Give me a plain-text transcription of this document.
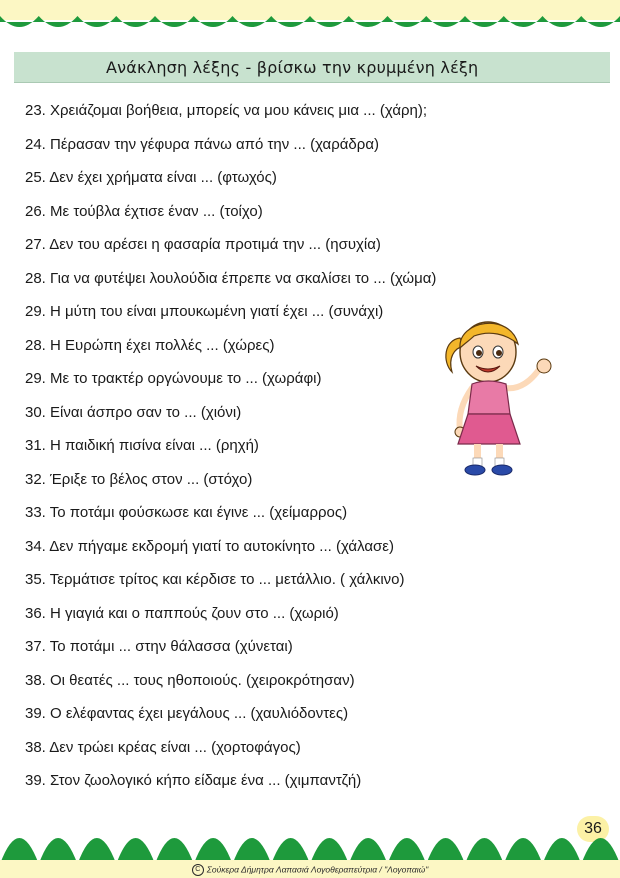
Ανάκληση λέξης - βρίσκω την κρυμμένη λέξη
23. Χρειάζομαι βοήθεια, μπορείς να μου κάνεις μια ... (χάρη);
24. Πέρασαν την γέφυρα πάνω από την ... (χαράδρα)
25. Δεν έχει χρήματα είναι ... (φτωχός)
26. Με τούβλα έχτισε έναν ... (τοίχο)
27. Δεν του αρέσει η φασαρία προτιμά την ... (ησυχία)
28. Για να φυτέψει λουλούδια έπρεπε να σκαλίσει το ... (χώμα)
29. Η μύτη του είναι μπουκωμένη γιατί έχει ... (συνάχι)
28. Η Ευρώπη έχει πολλές ... (χώρες)
29. Με το τρακτέρ οργώνουμε το ... (χωράφι)
30. Είναι άσπρο σαν το ... (χιόνι)
31. Η παιδική πισίνα είναι ... (ρηχή)
32. Έριξε το βέλος στον ... (στόχο)
33. Το ποτάμι φούσκωσε και έγινε ... (χείμαρρος)
34. Δεν πήγαμε εκδρομή γιατί το αυτοκίνητο ... (χάλασε)
35. Τερμάτισε τρίτος και κέρδισε το ... μετάλλιο. ( χάλκινο)
36. Η γιαγιά και ο παππούς ζουν στο ... (χωριό)
37. Το ποτάμι ... στην θάλασσα (χύνεται)
38. Οι θεατές ... τους ηθοποιούς. (χειροκρότησαν)
39. Ο ελέφαντας έχει μεγάλους ... (χαυλιόδοντες)
38. Δεν τρώει κρέας είναι ... (χορτοφάγος)
39. Στον ζωολογικό κήπο είδαμε ένα ... (χιμπαντζή)
36
C Σούκερα Δήμητρα Λαπασιά Λογοθεραπεύτρια / "Λογοπαιώ"
